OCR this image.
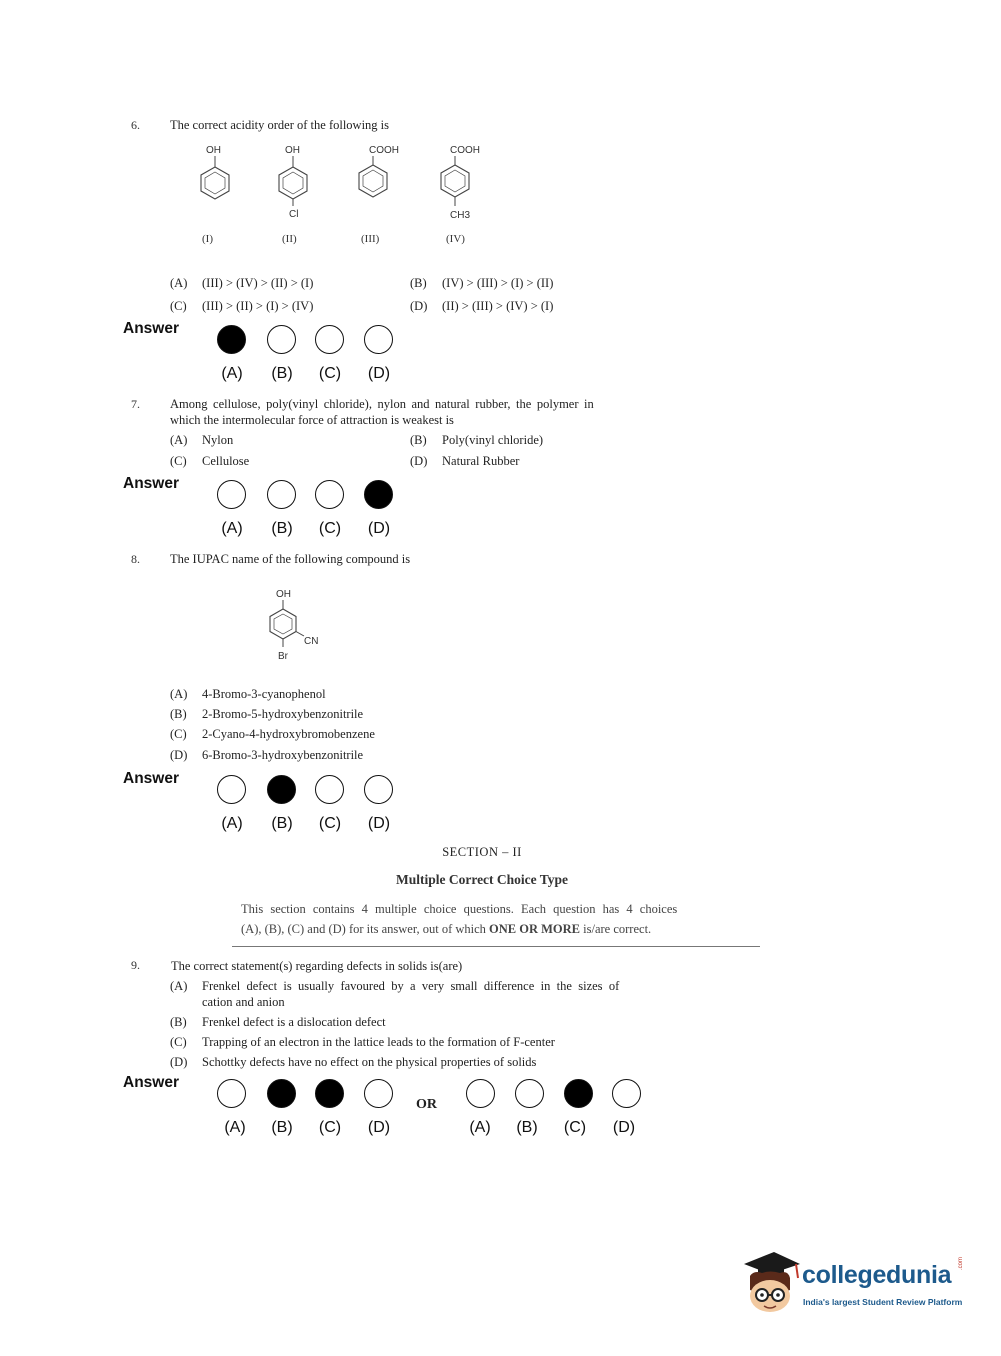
6. The correct acidity order of the following is
OH	OH
Cl
COOH	COOH
CH3
(I)	(II)	(III)	(IV)
(A) (III) > (IV) > (II) > (I)	(B) (IV) > (III) > (I) > (II)
(C) (III) > (II) > (I) > (IV)	(D) (II) > (III) > (IV) > (I)
Answer
(A)	(B)	(C)	(D)
7. Among cellulose, poly(vinyl chloride), nylon and natural rubber, the polymer in
which the intermolecular force of attraction is weakest is
(A) Nylon	(B) Poly(vinyl chloride)
(C) Cellulose	(D) Natural Rubber
Answer
(A)	(B)	(C)	(D)
8. The IUPAC name of the following compound is
OH
CN
Br
(A) 4-Bromo-3-cyanophenol
(B) 2-Bromo-5-hydroxybenzonitrile
(C) 2-Cyano-4-hydroxybromobenzene
(D) 6-Bromo-3-hydroxybenzonitrile
Answer
(A)	(B)	(C)	(D)
SECTION – II
Multiple Correct Choice Type
This section contains 4 multiple choice questions. Each question has 4 choices
(A), (B), (C) and (D) for its answer, out of which ONE OR MORE is/are correct.
9. The correct statement(s) regarding defects in solids is(are)
(A) Frenkel defect is usually favoured by a very small difference in the sizes of
cation and anion
(B) Frenkel defect is a dislocation defect
(C) Trapping of an electron in the lattice leads to the formation of F-center
(D) Schottky defects have no effect on the physical properties of solids
Answer
(A)	(B)	(C)	(D)
OR
(A)	(B)	(C)	(D)
collegedunia .com
India's largest Student Review Platform
